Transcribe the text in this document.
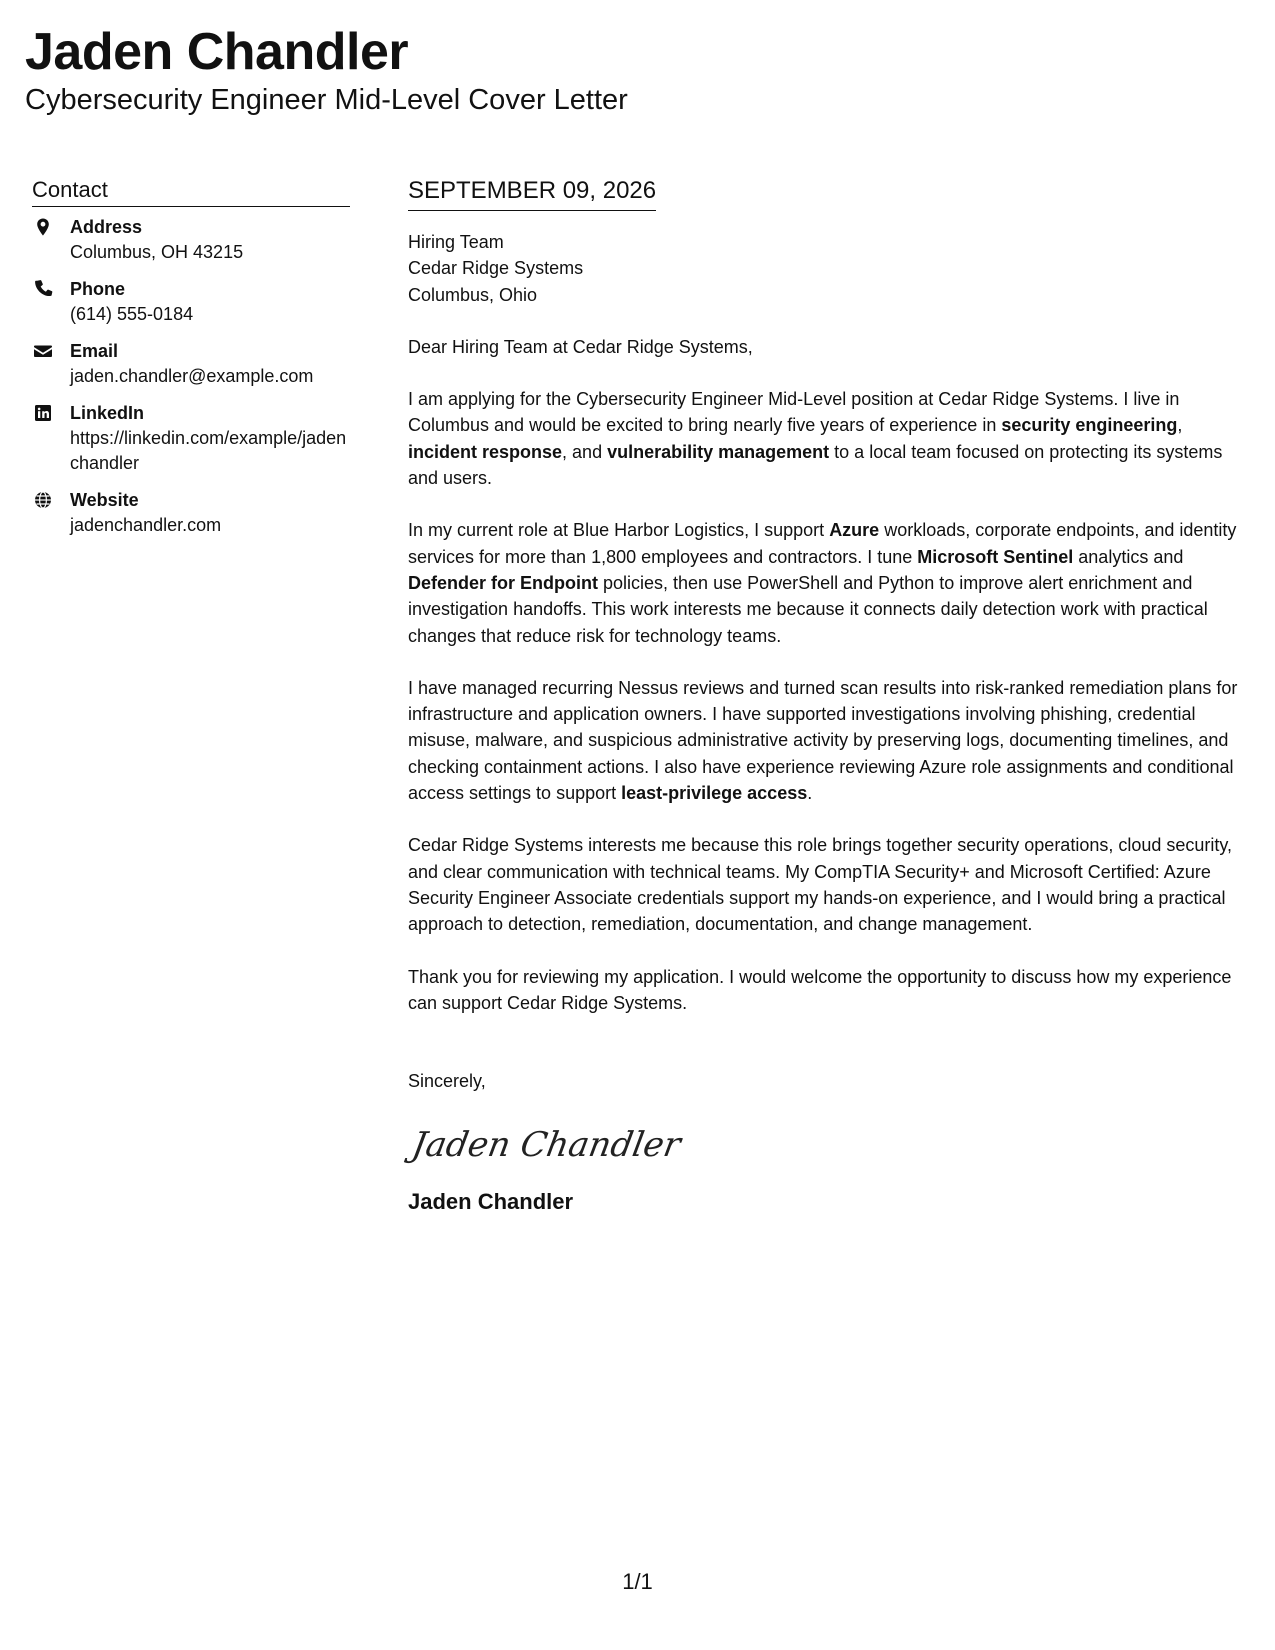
Jaden Chandler
Cybersecurity Engineer Mid-Level Cover Letter
Contact
Address
Columbus, OH 43215
Phone
(614) 555-0184
Email
jaden.chandler@example.com
LinkedIn
https://linkedin.com/example/jadenchandler
Website
jadenchandler.com
SEPTEMBER 09, 2026
Hiring Team
Cedar Ridge Systems
Columbus, Ohio
Dear Hiring Team at Cedar Ridge Systems,
I am applying for the Cybersecurity Engineer Mid-Level position at Cedar Ridge Systems. I live in Columbus and would be excited to bring nearly five years of experience in security engineering, incident response, and vulnerability management to a local team focused on protecting its systems and users.
In my current role at Blue Harbor Logistics, I support Azure workloads, corporate endpoints, and identity services for more than 1,800 employees and contractors. I tune Microsoft Sentinel analytics and Defender for Endpoint policies, then use PowerShell and Python to improve alert enrichment and investigation handoffs. This work interests me because it connects daily detection work with practical changes that reduce risk for technology teams.
I have managed recurring Nessus reviews and turned scan results into risk-ranked remediation plans for infrastructure and application owners. I have supported investigations involving phishing, credential misuse, malware, and suspicious administrative activity by preserving logs, documenting timelines, and checking containment actions. I also have experience reviewing Azure role assignments and conditional access settings to support least-privilege access.
Cedar Ridge Systems interests me because this role brings together security operations, cloud security, and clear communication with technical teams. My CompTIA Security+ and Microsoft Certified: Azure Security Engineer Associate credentials support my hands-on experience, and I would bring a practical approach to detection, remediation, documentation, and change management.
Thank you for reviewing my application. I would welcome the opportunity to discuss how my experience can support Cedar Ridge Systems.
Sincerely,
Jaden Chandler
Jaden Chandler
1/1
